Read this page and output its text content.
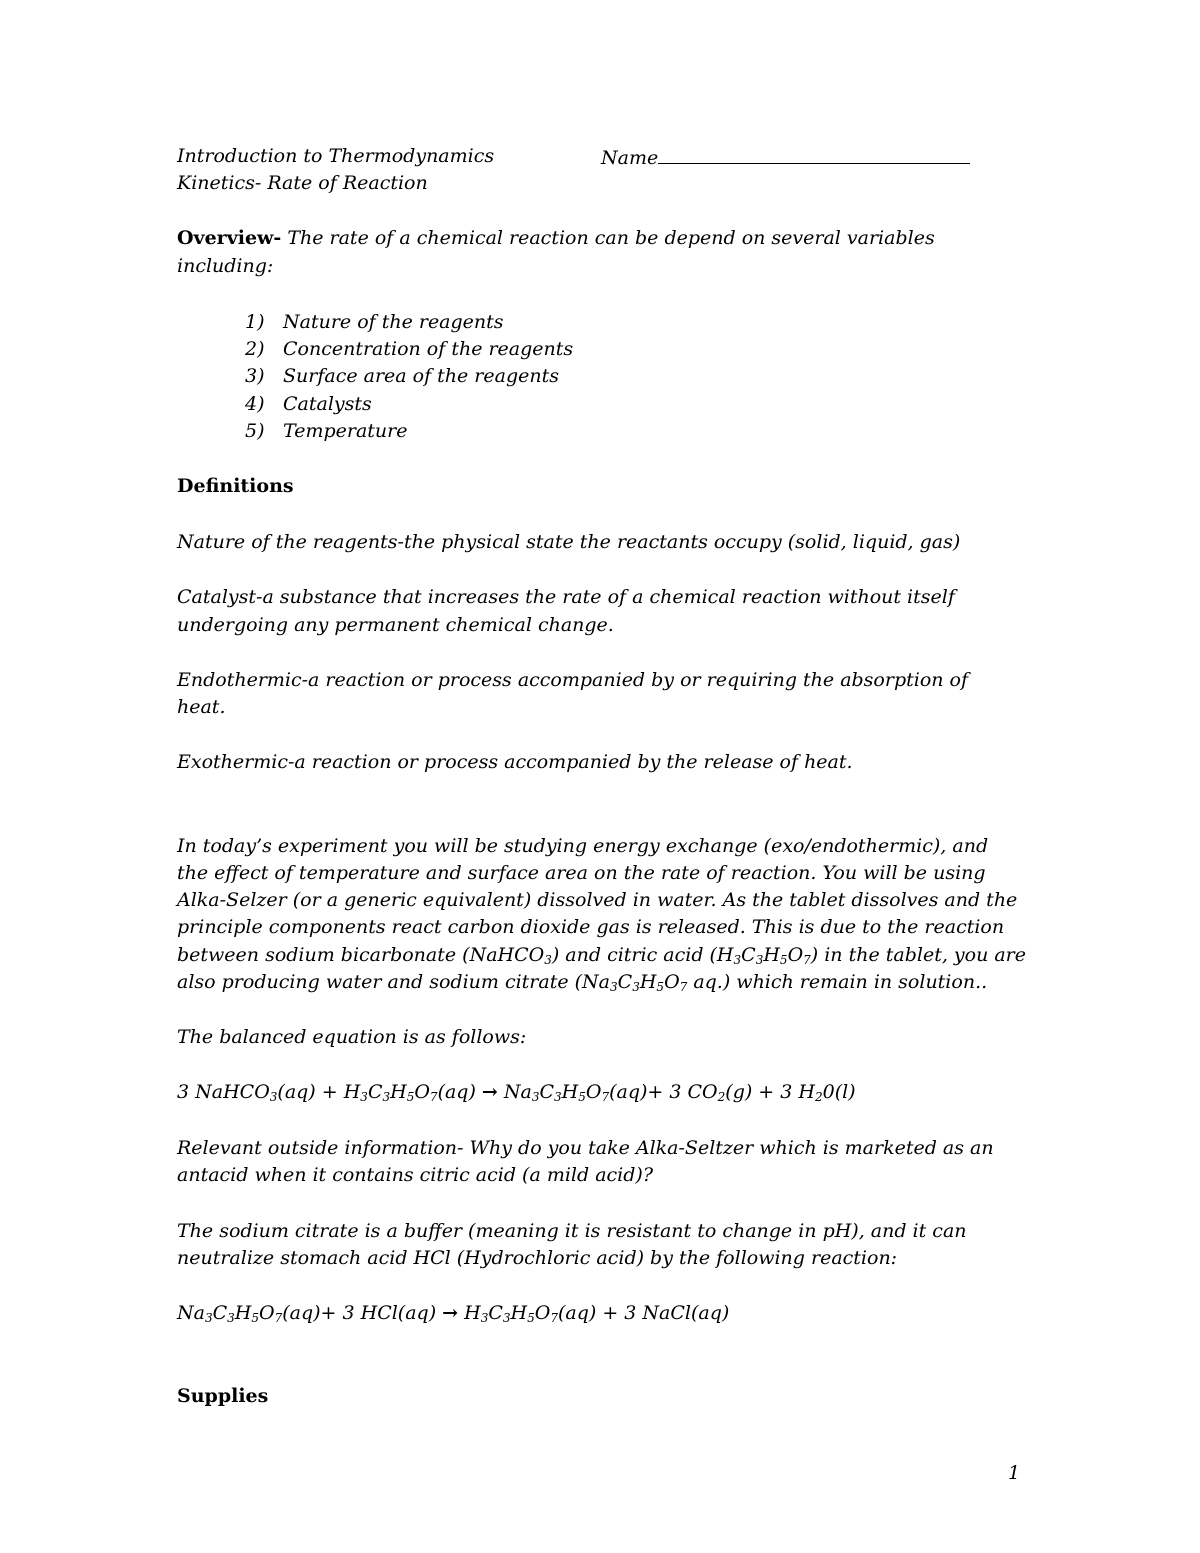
Introduction to Thermodynamics	Name

Kinetics- Rate of Reaction

Overview- The rate of a chemical reaction can be depend on several variables

including:

1) Nature of the reagents

2) Concentration of the reagents

3) Surface area of the reagents

4) Catalysts

5) Temperature

Definitions

Nature of the reagents-the physical state the reactants occupy (solid, liquid, gas)

Catalyst-a substance that increases the rate of a chemical reaction without itself

undergoing any permanent chemical change.

Endothermic-a reaction or process accompanied by or requiring the absorption of

heat.

Exothermic-a reaction or process accompanied by the release of heat.

In today’s experiment you will be studying energy exchange (exo/endothermic), and

the effect of temperature and surface area on the rate of reaction. You will be using

Alka-Selzer (or a generic equivalent) dissolved in water. As the tablet dissolves and the

principle components react carbon dioxide gas is released. This is due to the reaction

between sodium bicarbonate (NaHCO$_3$) and citric acid $(H_3C_3H_5O_7)$ in the tablet, you are

also producing water and sodium citrate ($Na_3C_3H_5O_7$ aq.) which remain in solution..

The balanced equation is as follows:

3 NaHCO$_3$(aq) + $H_3C_3H_5O_7(aq) \to Na_3C_3H_5O_7(aq)+ 3$ $CO_2(g) + 3$ $H_20(l)$

Relevant outside information- Why do you take Alka-Seltzer which is marketed as an

antacid when it contains citric acid (a mild acid)?

The sodium citrate is a buffer (meaning it is resistant to change in pH), and it can

neutralize stomach acid HCl (Hydrochloric acid) by the following reaction:

$Na_3C_3H_5O_7(aq)+ 3$ $HCl(aq) \to H_3C_3H_5O_7(aq) + 3$ NaCl(aq)

Supplies

1
